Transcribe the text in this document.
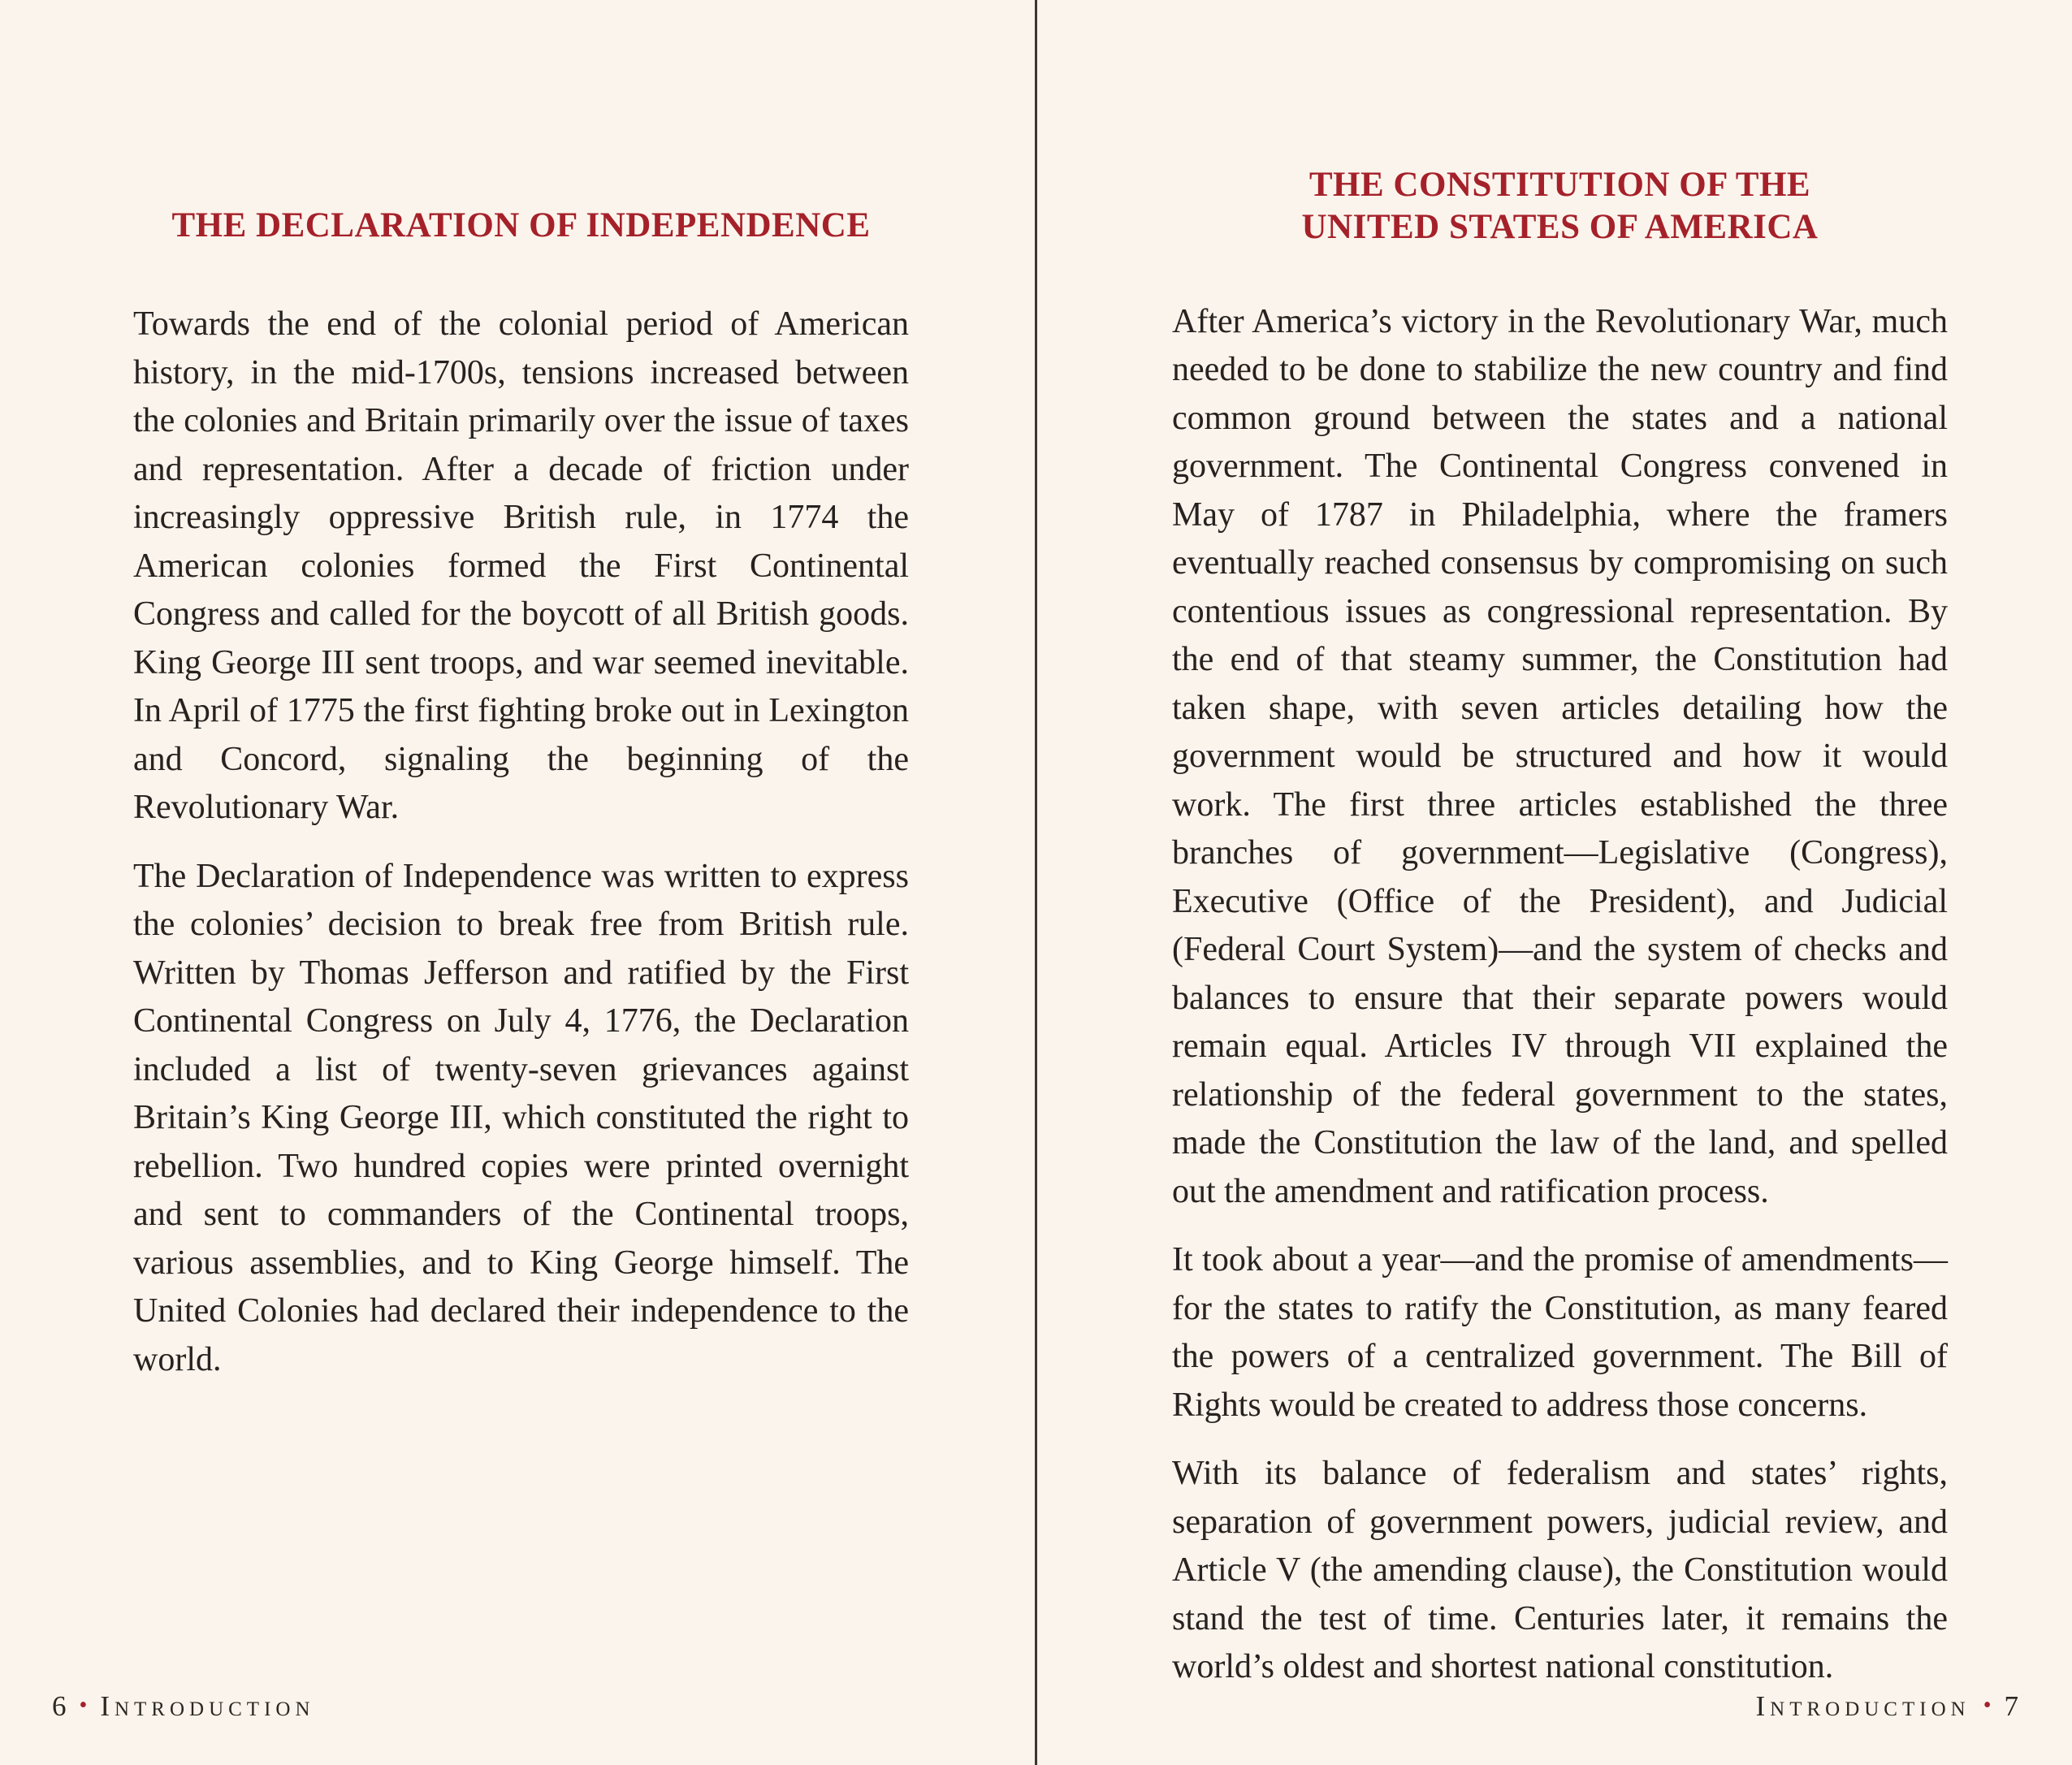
THE DECLARATION OF INDEPENDENCE

Towards the end of the colonial period of American history, in the mid-1700s, tensions increased between the colonies and Britain primarily over the issue of taxes and representation. After a decade of friction under increasingly oppressive British rule, in 1774 the American colonies formed the First Continental Congress and called for the boycott of all British goods. King George III sent troops, and war seemed inevitable. In April of 1775 the first fighting broke out in Lexington and Concord, signaling the beginning of the Revolutionary War.

The Declaration of Independence was written to express the colonies’ decision to break free from British rule. Written by Thomas Jefferson and ratified by the First Continental Congress on July 4, 1776, the Declaration included a list of twenty-seven grievances against Britain’s King George III, which constituted the right to rebellion. Two hundred copies were printed overnight and sent to commanders of the Continental troops, various assemblies, and to King George himself. The United Colonies had declared their independence to the world.

THE CONSTITUTION OF THE
UNITED STATES OF AMERICA

After America’s victory in the Revolutionary War, much needed to be done to stabilize the new country and find common ground between the states and a national government. The Continental Congress convened in May of 1787 in Philadelphia, where the framers eventually reached consensus by compromising on such contentious issues as congressional representation. By the end of that steamy summer, the Constitution had taken shape, with seven articles detailing how the government would be structured and how it would work. The first three articles established the three branches of government—Legislative (Congress), Executive (Office of the President), and Judicial (Federal Court System)—and the system of checks and balances to ensure that their separate powers would remain equal. Articles IV through VII explained the relationship of the federal government to the states, made the Constitution the law of the land, and spelled out the amendment and ratification process.

It took about a year—and the promise of amendments—for the states to ratify the Constitution, as many feared the powers of a centralized government. The Bill of Rights would be created to address those concerns.

With its balance of federalism and states’ rights, separation of government powers, judicial review, and Article V (the amending clause), the Constitution would stand the test of time. Centuries later, it remains the world’s oldest and shortest national constitution.

6 • Introduction	Introduction • 7
